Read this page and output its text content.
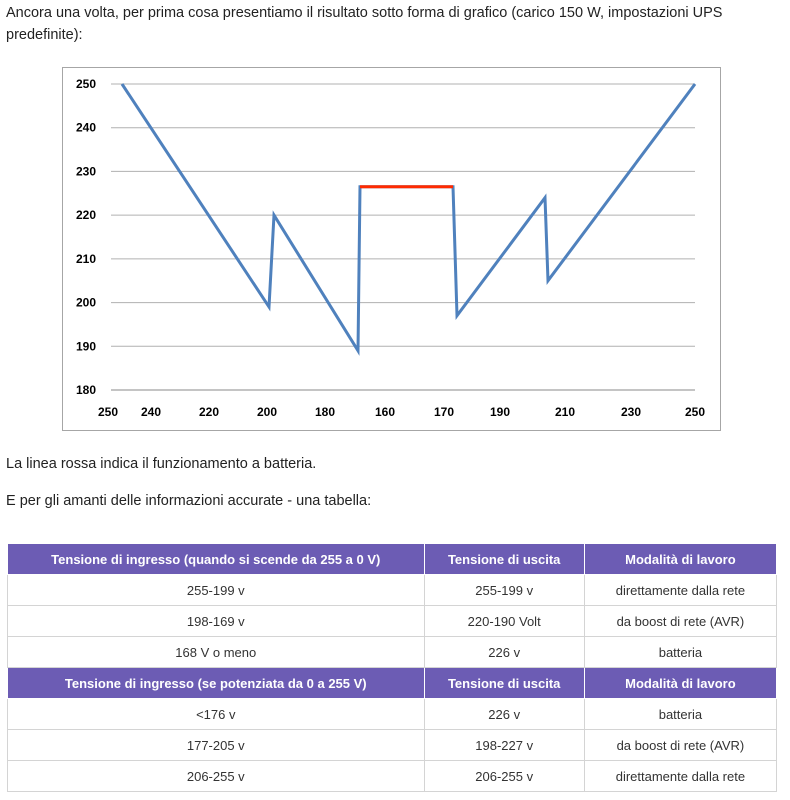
Ancora una volta, per prima cosa presentiamo il risultato sotto forma di grafico (carico 150 W, impostazioni UPS predefinite):

250
240
230
220
210
200
190
180
250 240	220	200	180	160	170	190	210	230	250

La linea rossa indica il funzionamento a batteria.

E per gli amanti delle informazioni accurate - una tabella:

Tensione di ingresso (quando si scende da 255 a 0 V)	Tensione di uscita	Modalità di lavoro
255-199 v	255-199 v	direttamente dalla rete
198-169 v	220-190 Volt	da boost di rete (AVR)
168 V o meno	226 v	batteria
Tensione di ingresso (se potenziata da 0 a 255 V)	Tensione di uscita	Modalità di lavoro
<176 v	226 v	batteria
177-205 v	198-227 v	da boost di rete (AVR)
206-255 v	206-255 v	direttamente dalla rete
